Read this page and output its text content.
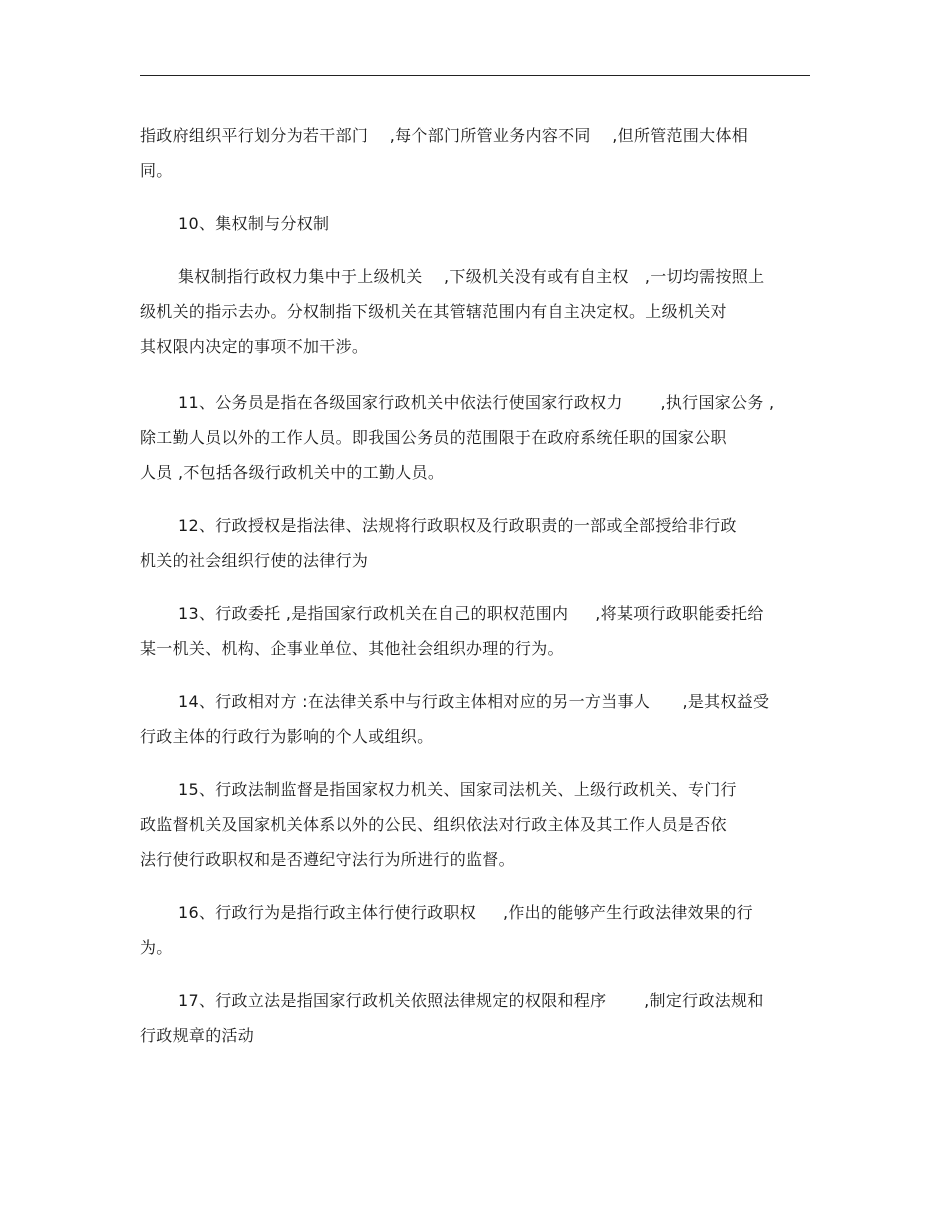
指政府组织平行划分为若干部门    ,每个部门所管业务内容不同    ,但所管范围大体相
同。
10、集权制与分权制
集权制指行政权力集中于上级机关    ,下级机关没有或有自主权   ,一切均需按照上
级机关的指示去办。分权制指下级机关在其管辖范围内有自主决定权。上级机关对
其权限内决定的事项不加干涉。
11、公务员是指在各级国家行政机关中依法行使国家行政权力       ,执行国家公务 ,
除工勤人员以外的工作人员。即我国公务员的范围限于在政府系统任职的国家公职
人员 ,不包括各级行政机关中的工勤人员。
12、行政授权是指法律、法规将行政职权及行政职责的一部或全部授给非行政
机关的社会组织行使的法律行为
13、行政委托 ,是指国家行政机关在自己的职权范围内     ,将某项行政职能委托给
某一机关、机构、企事业单位、其他社会组织办理的行为。
14、行政相对方 :在法律关系中与行政主体相对应的另一方当事人      ,是其权益受
行政主体的行政行为影响的个人或组织。
15、行政法制监督是指国家权力机关、国家司法机关、上级行政机关、专门行
政监督机关及国家机关体系以外的公民、组织依法对行政主体及其工作人员是否依
法行使行政职权和是否遵纪守法行为所进行的监督。
16、行政行为是指行政主体行使行政职权     ,作出的能够产生行政法律效果的行
为。
17、行政立法是指国家行政机关依照法律规定的权限和程序       ,制定行政法规和
行政规章的活动
